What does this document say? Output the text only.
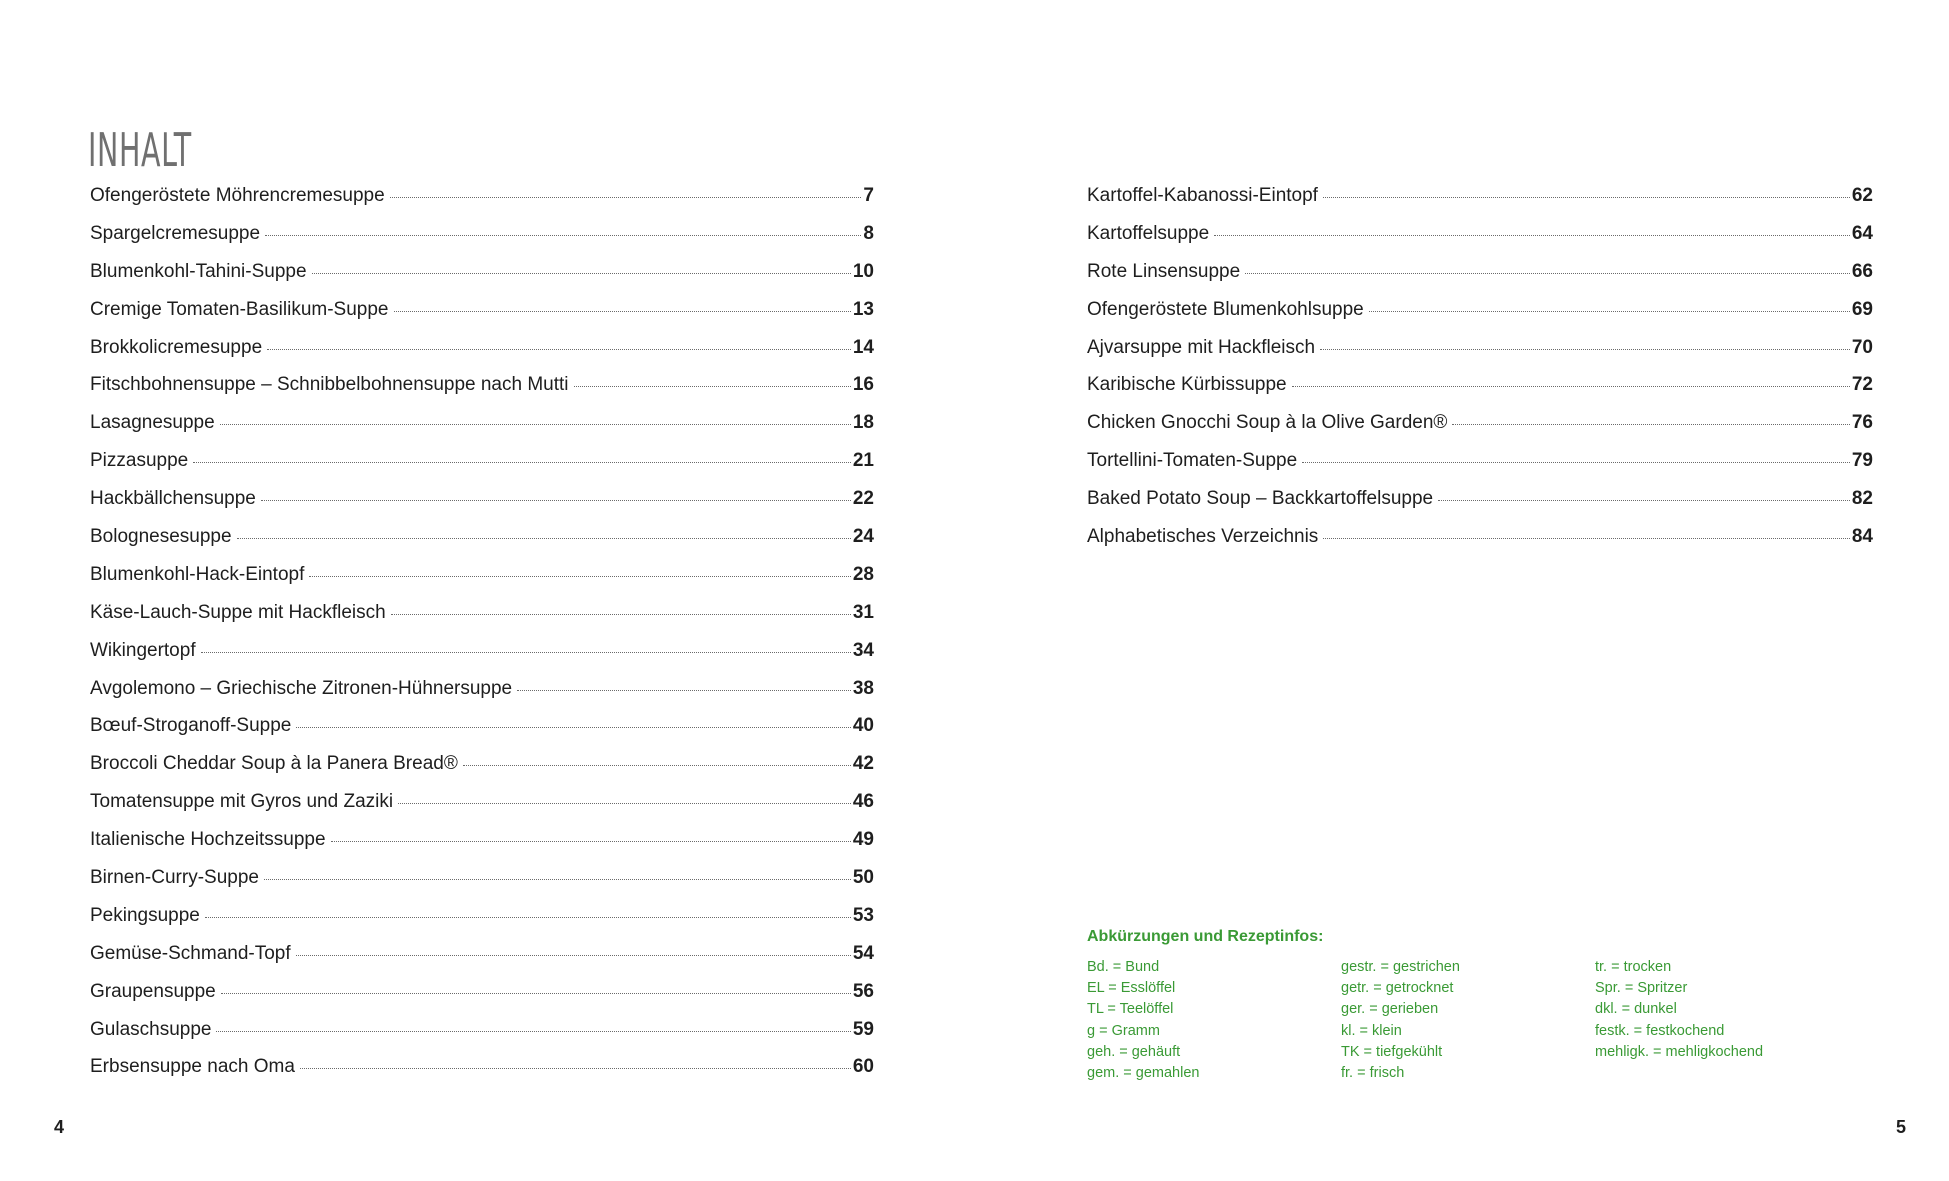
INHALT
Ofengeröstete Möhrencremesuppe	7
Spargelcremesuppe	8
Blumenkohl-Tahini-Suppe	10
Cremige Tomaten-Basilikum-Suppe	13
Brokkolicremesuppe	14
Fitschbohnensuppe – Schnibbelbohnensuppe nach Mutti	16
Lasagnesuppe	18
Pizzasuppe	21
Hackbällchensuppe	22
Bolognesesuppe	24
Blumenkohl-Hack-Eintopf	28
Käse-Lauch-Suppe mit Hackfleisch	31
Wikingertopf	34
Avgolemono – Griechische Zitronen-Hühnersuppe	38
Bœuf-Stroganoff-Suppe	40
Broccoli Cheddar Soup à la Panera Bread®	42
Tomatensuppe mit Gyros und Zaziki	46
Italienische Hochzeitssuppe	49
Birnen-Curry-Suppe	50
Pekingsuppe	53
Gemüse-Schmand-Topf	54
Graupensuppe	56
Gulaschsuppe	59
Erbsensuppe nach Oma	60
Kartoffel-Kabanossi-Eintopf	62
Kartoffelsuppe	64
Rote Linsensuppe	66
Ofengeröstete Blumenkohlsuppe	69
Ajvarsuppe mit Hackfleisch	70
Karibische Kürbissuppe	72
Chicken Gnocchi Soup à la Olive Garden®	76
Tortellini-Tomaten-Suppe	79
Baked Potato Soup – Backkartoffelsuppe	82
Alphabetisches Verzeichnis	84
Abkürzungen und Rezeptinfos:
Bd. = Bund
EL = Esslöffel
TL = Teelöffel
g = Gramm
geh. = gehäuft
gem. = gemahlen
gestr. = gestrichen
getr. = getrocknet
ger. = gerieben
kl. = klein
TK = tiefgekühlt
fr. = frisch
tr. = trocken
Spr. = Spritzer
dkl. = dunkel
festk. = festkochend
mehligk. = mehligkochend
4	5
